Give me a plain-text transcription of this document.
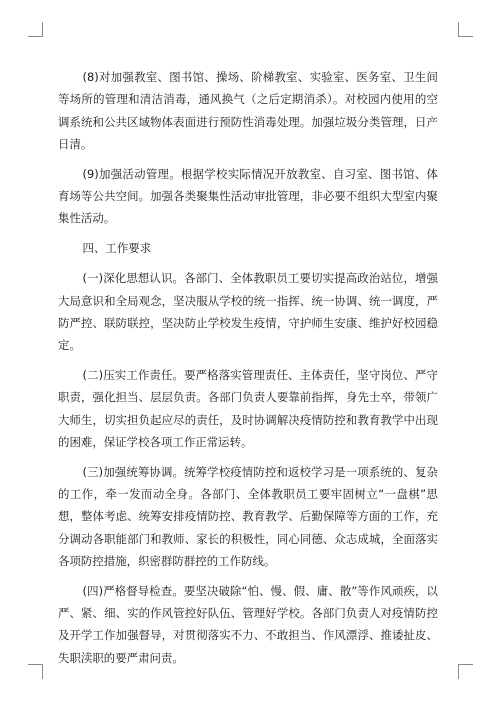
(8)对加强教室、图书馆、操场、阶梯教室、实验室、医务室、卫生间等场所的管理和清洁消毒，通风换气（之后定期消杀）。对校园内使用的空调系统和公共区域物体表面进行预防性消毒处理。加强垃圾分类管理，日产日清。

(9)加强活动管理。根据学校实际情况开放教室、自习室、图书馆、体育场等公共空间。加强各类聚集性活动审批管理，非必要不组织大型室内聚集性活动。

四、工作要求

(一)深化思想认识。各部门、全体教职员工要切实提高政治站位，增强大局意识和全局观念，坚决服从学校的统一指挥、统一协调、统一调度，严防严控、联防联控，坚决防止学校发生疫情，守护师生安康、维护好校园稳定。

(二)压实工作责任。要严格落实管理责任、主体责任，坚守岗位、严守职责，强化担当、层层负责。各部门负责人要靠前指挥，身先士卒，带领广大师生，切实担负起应尽的责任，及时协调解决疫情防控和教育教学中出现的困难，保证学校各项工作正常运转。

(三)加强统筹协调。统筹学校疫情防控和返校学习是一项系统的、复杂的工作，牵一发而动全身。各部门、全体教职员工要牢固树立“一盘棋”思想，整体考虑、统筹安排疫情防控、教育教学、后勤保障等方面的工作，充分调动各职能部门和教师、家长的积极性，同心同德、众志成城，全面落实各项防控措施，织密群防群控的工作防线。

(四)严格督导检查。要坚决破除“怕、慢、假、庸、散”等作风顽疾，以严、紧、细、实的作风管控好队伍、管理好学校。各部门负责人对疫情防控及开学工作加强督导，对贯彻落实不力、不敢担当、作风漂浮、推诿扯皮、失职渎职的要严肃问责。
